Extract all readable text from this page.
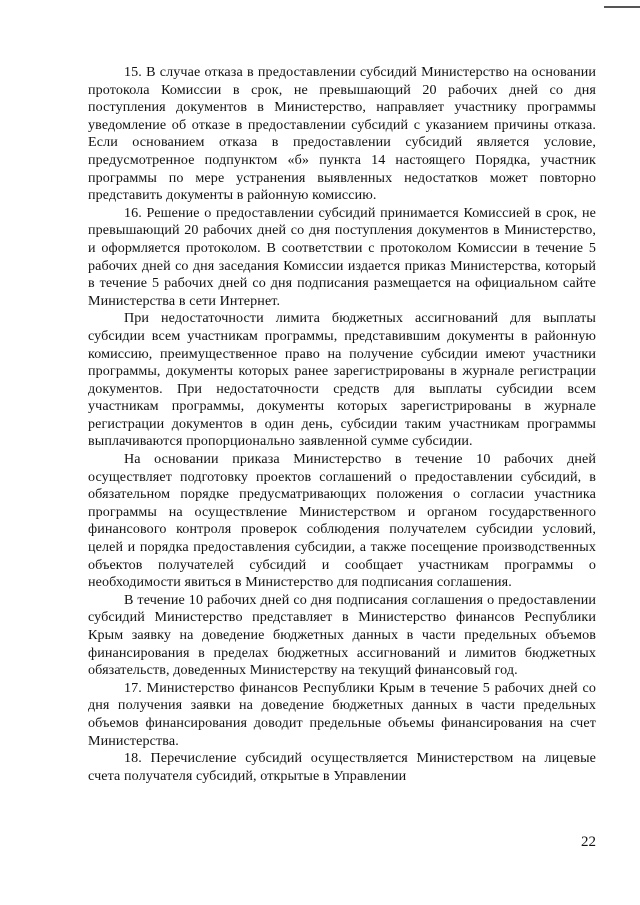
15. В случае отказа в предоставлении субсидий Министерство на основании протокола Комиссии в срок, не превышающий 20 рабочих дней со дня поступления документов в Министерство, направляет участнику программы уведомление об отказе в предоставлении субсидий с указанием причины отказа. Если основанием отказа в предоставлении субсидий является условие, предусмотренное подпунктом «б» пункта 14 настоящего Порядка, участник программы по мере устранения выявленных недостатков может повторно представить документы в районную комиссию.

16. Решение о предоставлении субсидий принимается Комиссией в срок, не превышающий 20 рабочих дней со дня поступления документов в Министерство, и оформляется протоколом. В соответствии с протоколом Комиссии в течение 5 рабочих дней со дня заседания Комиссии издается приказ Министерства, который в течение 5 рабочих дней со дня подписания размещается на официальном сайте Министерства в сети Интернет.

При недостаточности лимита бюджетных ассигнований для выплаты субсидии всем участникам программы, представившим документы в районную комиссию, преимущественное право на получение субсидии имеют участники программы, документы которых ранее зарегистрированы в журнале регистрации документов. При недостаточности средств для выплаты субсидии всем участникам программы, документы которых зарегистрированы в журнале регистрации документов в один день, субсидии таким участникам программы выплачиваются пропорционально заявленной сумме субсидии.

На основании приказа Министерство в течение 10 рабочих дней осуществляет подготовку проектов соглашений о предоставлении субсидий, в обязательном порядке предусматривающих положения о согласии участника программы на осуществление Министерством и органом государственного финансового контроля проверок соблюдения получателем субсидии условий, целей и порядка предоставления субсидии, а также посещение производственных объектов получателей субсидий и сообщает участникам программы о необходимости явиться в Министерство для подписания соглашения.

В течение 10 рабочих дней со дня подписания соглашения о предоставлении субсидий Министерство представляет в Министерство финансов Республики Крым заявку на доведение бюджетных данных в части предельных объемов финансирования в пределах бюджетных ассигнований и лимитов бюджетных обязательств, доведенных Министерству на текущий финансовый год.

17. Министерство финансов Республики Крым в течение 5 рабочих дней со дня получения заявки на доведение бюджетных данных в части предельных объемов финансирования доводит предельные объемы финансирования на счет Министерства.

18. Перечисление субсидий осуществляется Министерством на лицевые счета получателя субсидий, открытые в Управлении

22
